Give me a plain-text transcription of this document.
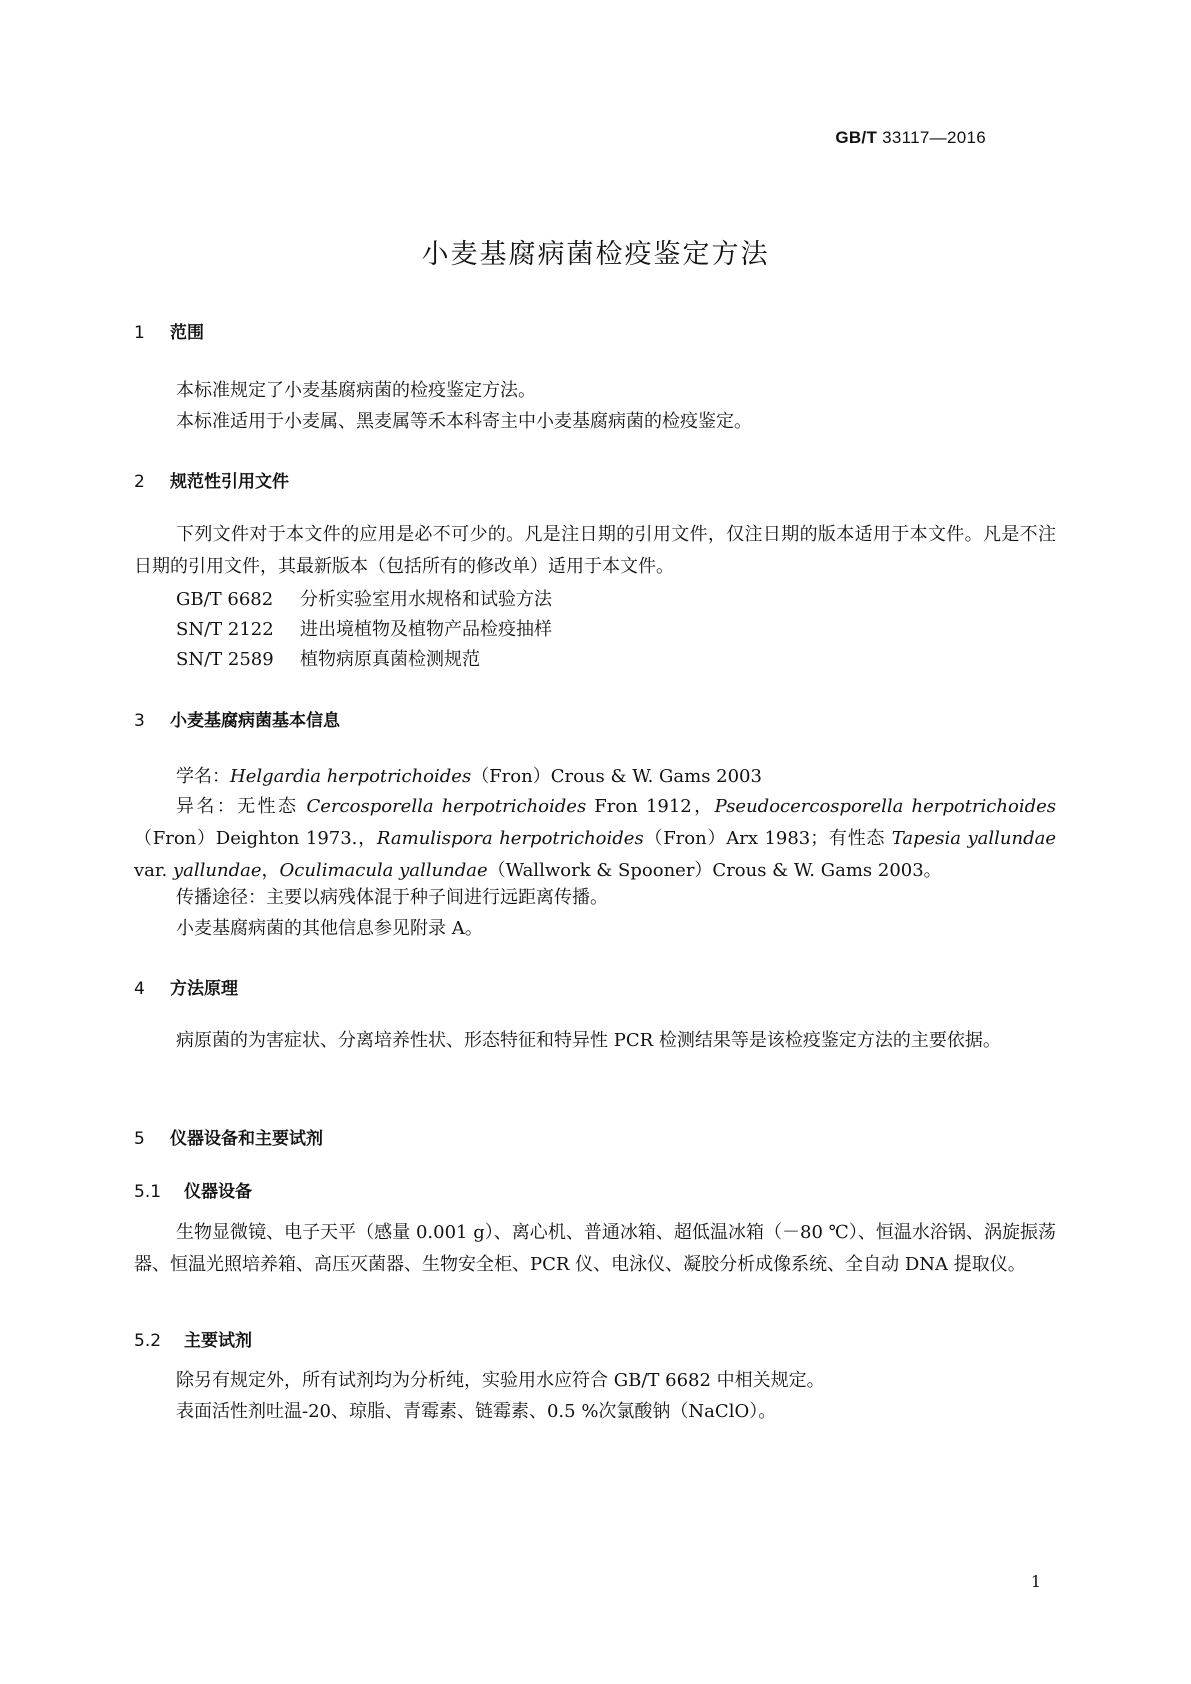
GB/T 33117—2016
小麦基腐病菌检疫鉴定方法
1 范围
本标准规定了小麦基腐病菌的检疫鉴定方法。
本标准适用于小麦属、黑麦属等禾本科寄主中小麦基腐病菌的检疫鉴定。
2 规范性引用文件
下列文件对于本文件的应用是必不可少的。凡是注日期的引用文件，仅注日期的版本适用于本文件。凡是不注日期的引用文件，其最新版本（包括所有的修改单）适用于本文件。
GB/T 6682 分析实验室用水规格和试验方法
SN/T 2122 进出境植物及植物产品检疫抽样
SN/T 2589 植物病原真菌检测规范
3 小麦基腐病菌基本信息
学名：Helgardia herpotrichoides（Fron）Crous & W. Gams 2003
异名：无性态 Cercosporella herpotrichoides Fron 1912，Pseudocercosporella herpotrichoides（Fron）Deighton 1973.，Ramulispora herpotrichoides（Fron）Arx 1983；有性态 Tapesia yallundae var. yallundae，Oculimacula yallundae（Wallwork & Spooner）Crous & W. Gams 2003。
传播途径：主要以病残体混于种子间进行远距离传播。
小麦基腐病菌的其他信息参见附录 A。
4 方法原理
病原菌的为害症状、分离培养性状、形态特征和特异性 PCR 检测结果等是该检疫鉴定方法的主要依据。
5 仪器设备和主要试剂
5.1 仪器设备
生物显微镜、电子天平（感量 0.001 g）、离心机、普通冰箱、超低温冰箱（－80 ℃）、恒温水浴锅、涡旋振荡器、恒温光照培养箱、高压灭菌器、生物安全柜、PCR 仪、电泳仪、凝胶分析成像系统、全自动 DNA 提取仪。
5.2 主要试剂
除另有规定外，所有试剂均为分析纯，实验用水应符合 GB/T 6682 中相关规定。
表面活性剂吐温-20、琼脂、青霉素、链霉素、0.5 %次氯酸钠（NaClO）。
1
